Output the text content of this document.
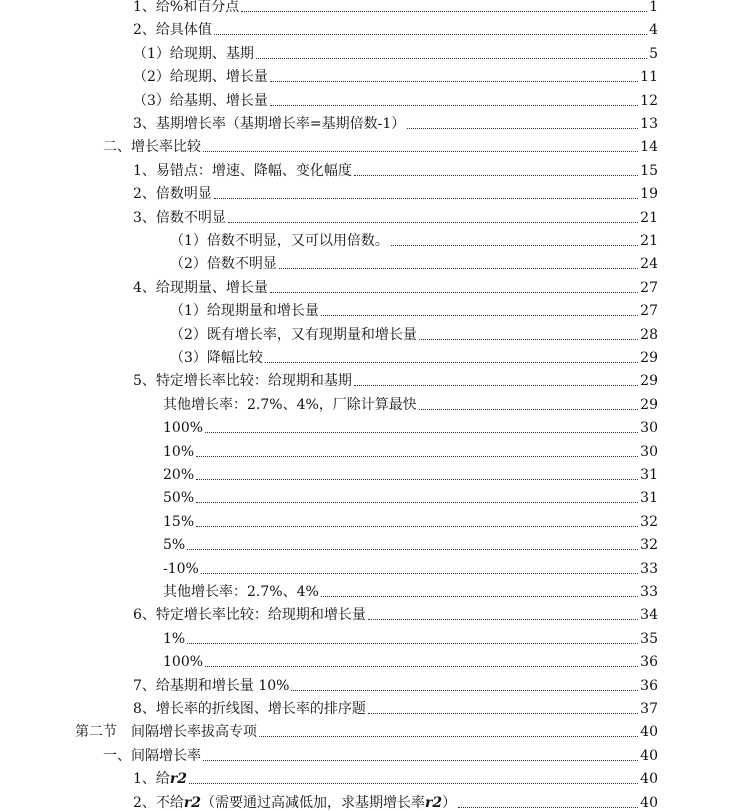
1、给%和百分点	1
2、给具体值	4
（1）给现期、基期	5
（2）给现期、增长量	11
（3）给基期、增长量	12
3、基期增长率（基期增长率=基期倍数-1）	13
二、增长率比较	14
1、易错点：增速、降幅、变化幅度	15
2、倍数明显	19
3、倍数不明显	21
（1）倍数不明显，又可以用倍数。	21
（2）倍数不明显	24
4、给现期量、增长量	27
（1）给现期量和增长量	27
（2）既有增长率，又有现期量和增长量	28
（3）降幅比较	29
5、特定增长率比较：给现期和基期	29
其他增长率：2.7%、4%，厂除计算最快	29
100%	30
10%	30
20%	31
50%	31
15%	32
5%	32
-10%	33
其他增长率：2.7%、4%	33
6、特定增长率比较：给现期和增长量	34
1%	35
100%	36
7、给基期和增长量 10%	36
8、增长率的折线图、增长率的排序题	37
第二节　间隔增长率拔高专项	40
一、间隔增长率	40
1、给r2	40
2、不给r2（需要通过高减低加，求基期增长率r2）	40
